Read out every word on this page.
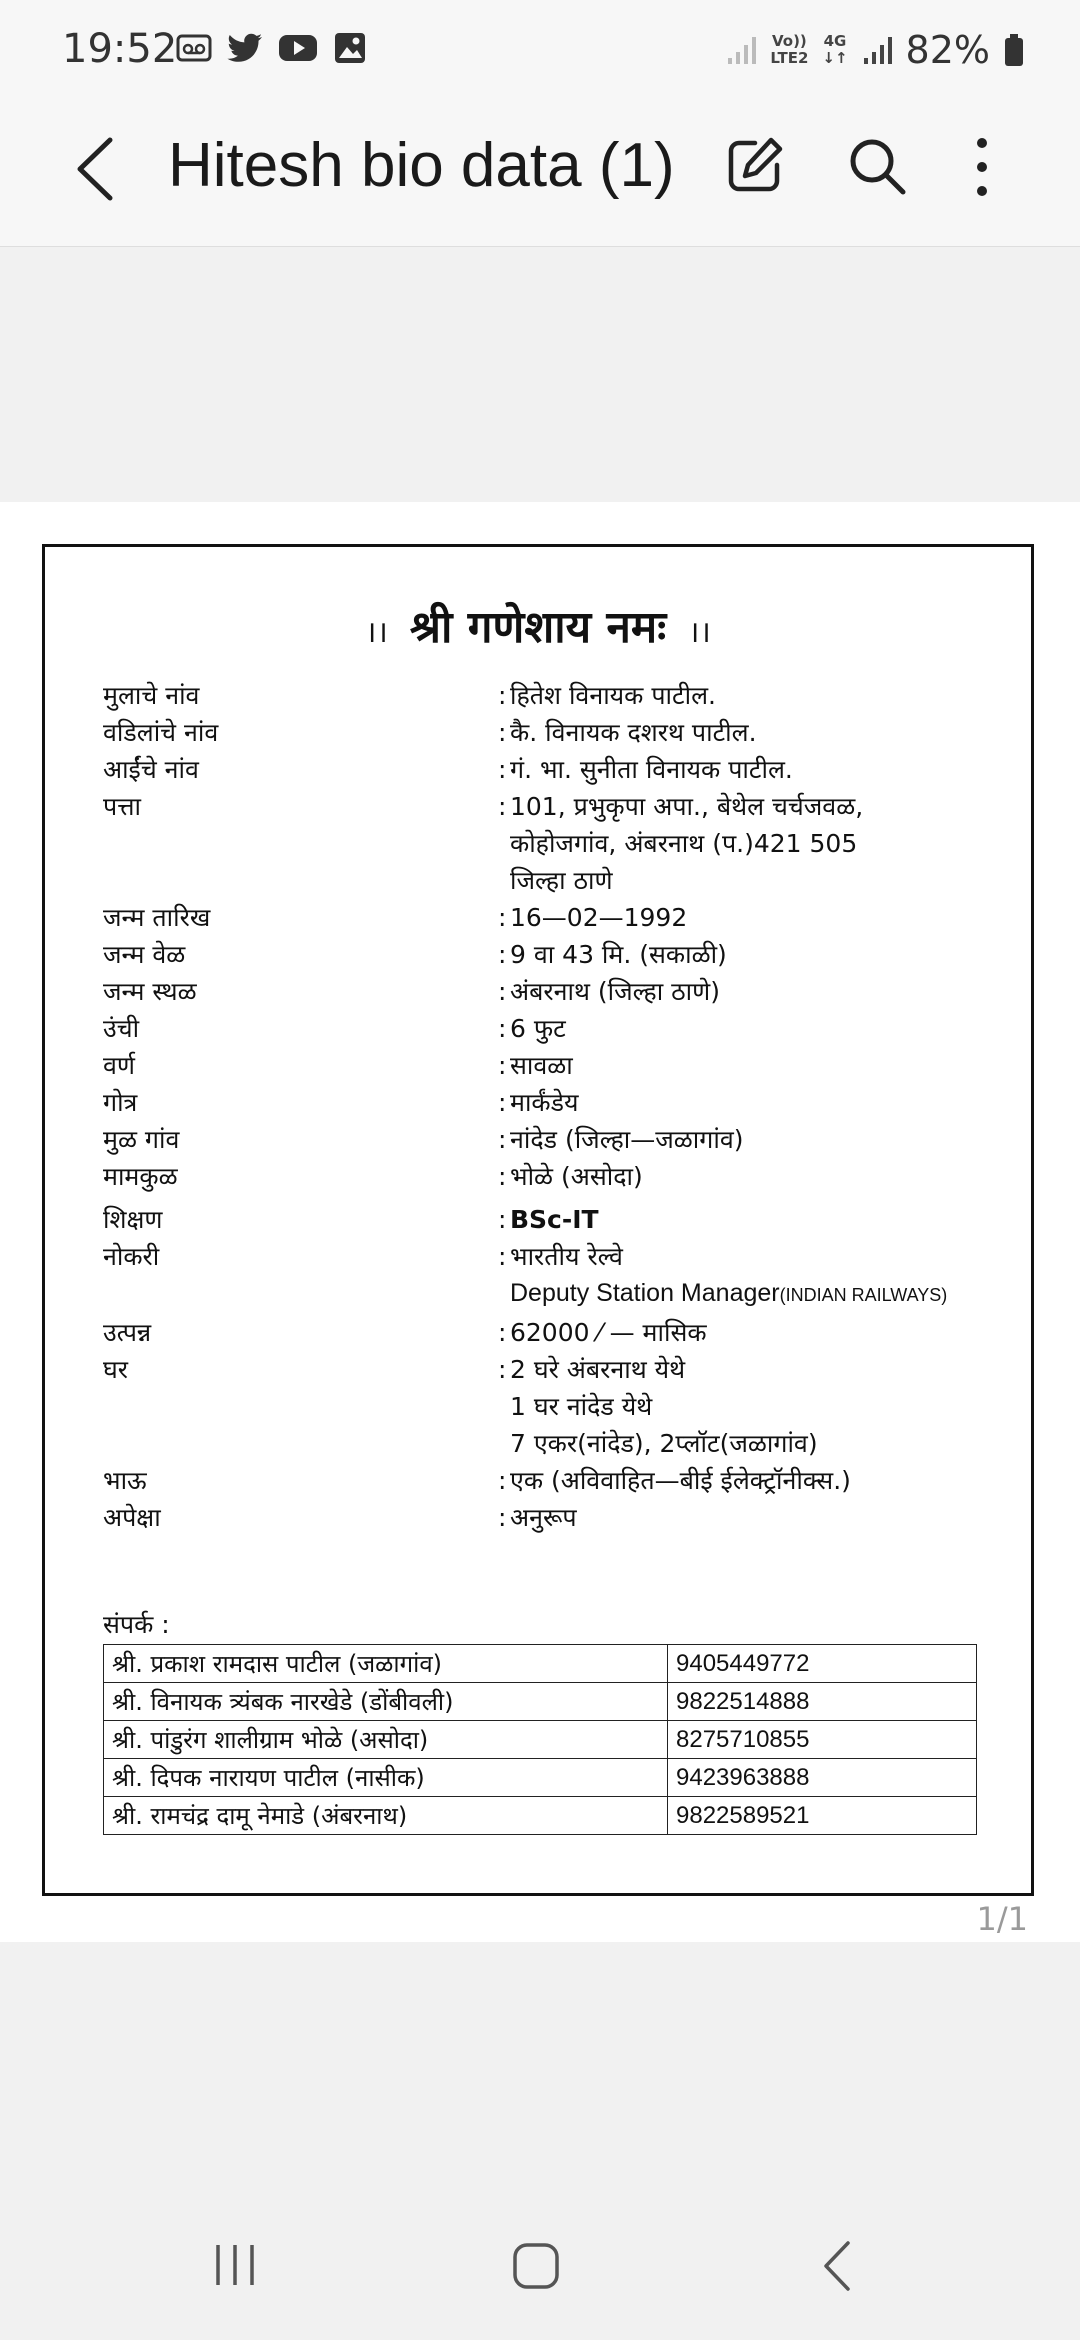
19:52	Vo))
LTE2
4G
↓↑ 82%
Hitesh bio data (1)
।। श्री गणेशाय नमः ।।
मुलाचे नांव	: हितेश विनायक पाटील.
वडिलांचे नांव	: कै. विनायक दशरथ पाटील.
आईंचे नांव	: गं. भा. सुनीता विनायक पाटील.
पत्ता	: 101, प्रभुकृपा अपा., बेथेल चर्चजवळ,
कोहोजगांव, अंबरनाथ (प.)421 505
जिल्हा ठाणे
जन्म तारिख	: 16—02—1992
जन्म वेळ	: 9 वा 43 मि. (सकाळी)
जन्म स्थळ	: अंबरनाथ (जिल्हा ठाणे)
उंची	: 6 फुट
वर्ण	: सावळा
गोत्र	: मार्कंडेय
मुळ गांव	: नांदेड (जिल्हा—जळागांव)
मामकुळ	: भोळे (असोदा)
शिक्षण	: BSc-IT
नोकरी	: भारतीय रेल्वे
Deputy Station Manager(INDIAN RAILWAYS)
उत्पन्न	: 62000 ⁄ — मासिक
घर	: 2 घरे अंबरनाथ येथे
1 घर नांदेड येथे
7 एकर(नांदेड), 2प्लॉट(जळागांव)
भाऊ	: एक (अविवाहित—बीई ईलेक्ट्रॉनीक्स.)
अपेक्षा	: अनुरूप
संपर्क :
श्री. प्रकाश रामदास पाटील (जळागांव)	9405449772
श्री. विनायक त्र्यंबक नारखेडे (डोंबीवली)	9822514888
श्री. पांडुरंग शालीग्राम भोळे (असोदा)	8275710855
श्री. दिपक नारायण पाटील (नासीक)	9423963888
श्री. रामचंद्र दामू नेमाडे (अंबरनाथ)	9822589521
1/1
